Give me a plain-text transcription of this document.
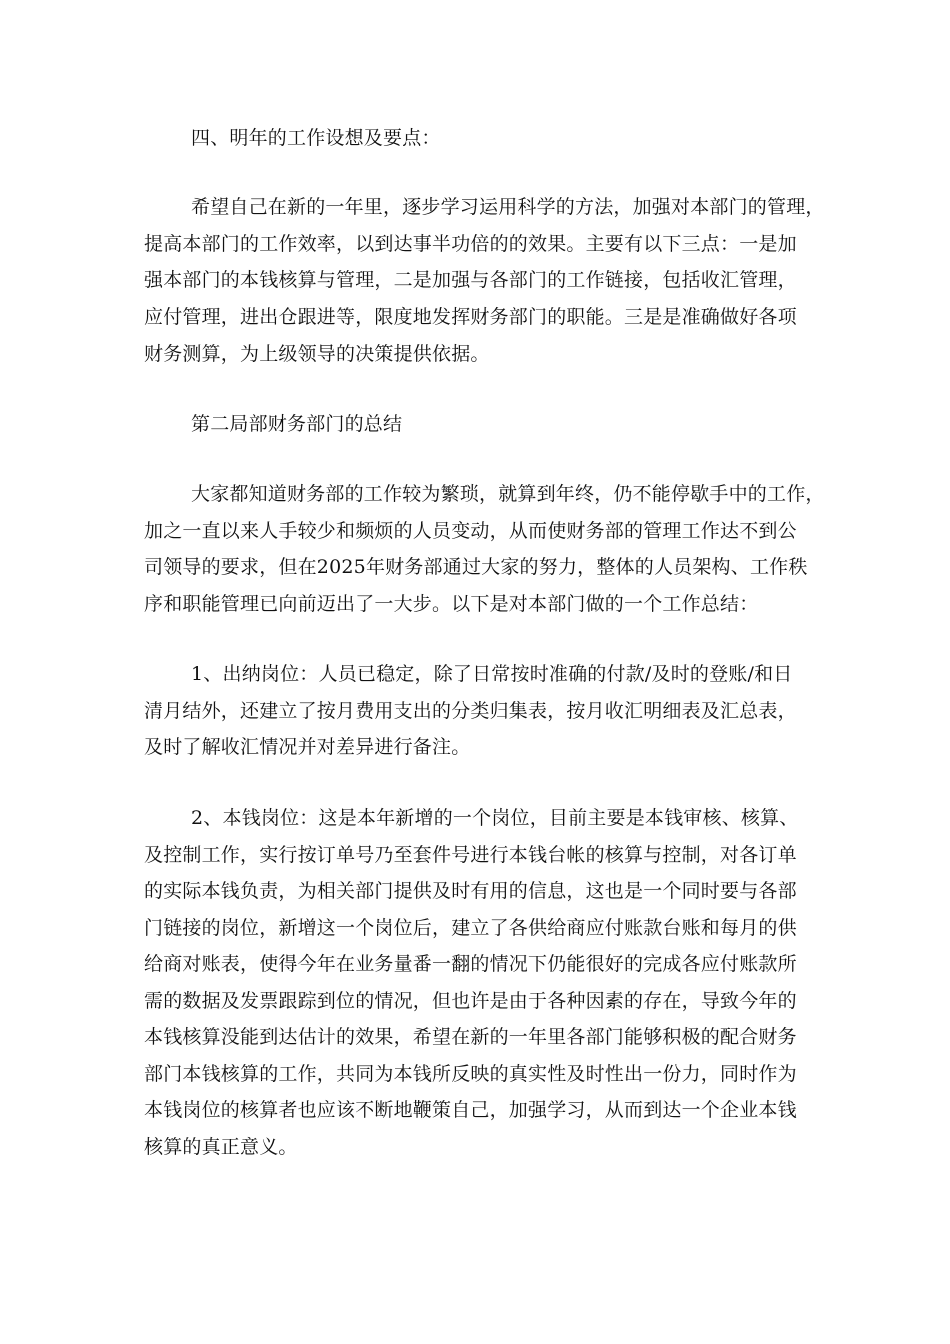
四、明年的工作设想及要点：
希望自己在新的一年里，逐步学习运用科学的方法，加强对本部门的管理，
提高本部门的工作效率，以到达事半功倍的的效果。主要有以下三点：一是加
强本部门的本钱核算与管理，二是加强与各部门的工作链接，包括收汇管理，
应付管理，进出仓跟进等，限度地发挥财务部门的职能。三是是准确做好各项
财务测算，为上级领导的决策提供依据。
第二局部财务部门的总结
大家都知道财务部的工作较为繁琐，就算到年终，仍不能停歇手中的工作，
加之一直以来人手较少和频烦的人员变动，从而使财务部的管理工作达不到公
司领导的要求，但在2025年财务部通过大家的努力，整体的人员架构、工作秩
序和职能管理已向前迈出了一大步。以下是对本部门做的一个工作总结：
1、出纳岗位：人员已稳定，除了日常按时准确的付款/及时的登账/和日
清月结外，还建立了按月费用支出的分类归集表，按月收汇明细表及汇总表，
及时了解收汇情况并对差异进行备注。
2、本钱岗位：这是本年新增的一个岗位，目前主要是本钱审核、核算、
及控制工作，实行按订单号乃至套件号进行本钱台帐的核算与控制，对各订单
的实际本钱负责，为相关部门提供及时有用的信息，这也是一个同时要与各部
门链接的岗位，新增这一个岗位后，建立了各供给商应付账款台账和每月的供
给商对账表，使得今年在业务量番一翻的情况下仍能很好的完成各应付账款所
需的数据及发票跟踪到位的情况，但也许是由于各种因素的存在，导致今年的
本钱核算没能到达估计的效果，希望在新的一年里各部门能够积极的配合财务
部门本钱核算的工作，共同为本钱所反映的真实性及时性出一份力，同时作为
本钱岗位的核算者也应该不断地鞭策自己，加强学习，从而到达一个企业本钱
核算的真正意义。
